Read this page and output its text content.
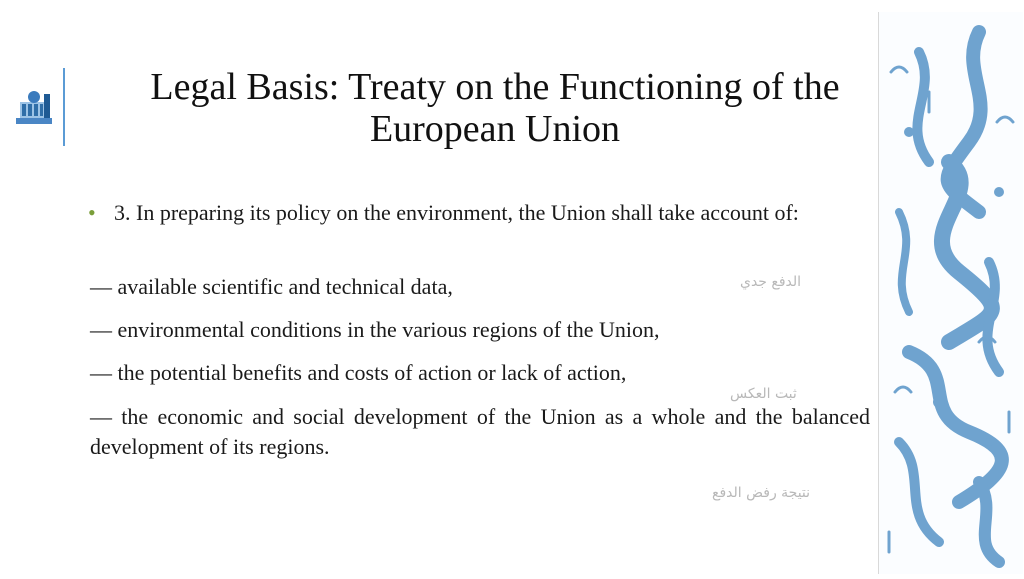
Legal Basis: Treaty on the Functioning of the
European Union
• 3. In preparing its policy on the environment, the Union shall take account of:
— available scientific and technical data,
— environmental conditions in the various regions of the Union,
— the potential benefits and costs of action or lack of action,
— the economic and social development of the Union as a whole and the balanced development of its regions.
الدفع جدي
ثبت العكس
نتيجة رفض الدفع
